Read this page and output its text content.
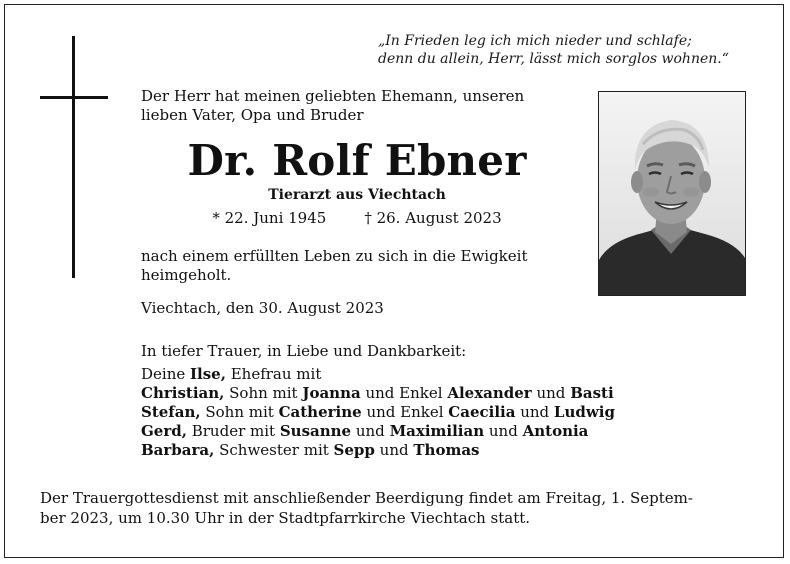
„In Frieden leg ich mich nieder und schlafe;
denn du allein, Herr, lässt mich sorglos wohnen.“
Der Herr hat meinen geliebten Ehemann, unseren
lieben Vater, Opa und Bruder
Dr. Rolf Ebner
Tierarzt aus Viechtach
* 22. Juni 1945	† 26. August 2023
nach einem erfüllten Leben zu sich in die Ewigkeit
heimgeholt.
Viechtach, den 30. August 2023
In tiefer Trauer, in Liebe und Dankbarkeit:
Deine Ilse, Ehefrau mit
Christian, Sohn mit Joanna und Enkel Alexander und Basti
Stefan, Sohn mit Catherine und Enkel Caecilia und Ludwig
Gerd, Bruder mit Susanne und Maximilian und Antonia
Barbara, Schwester mit Sepp und Thomas
Der Trauergottesdienst mit anschließender Beerdigung findet am Freitag, 1. Septem-
ber 2023, um 10.30 Uhr in der Stadtpfarrkirche Viechtach statt.
